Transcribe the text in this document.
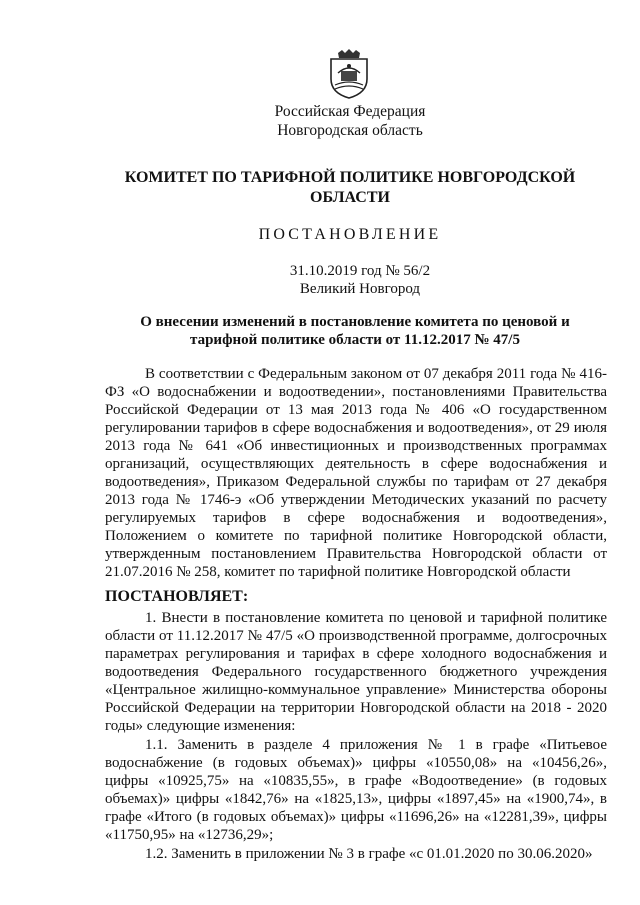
Российская Федерация
Новгородская область
КОМИТЕТ ПО ТАРИФНОЙ ПОЛИТИКЕ НОВГОРОДСКОЙ ОБЛАСТИ
ПОСТАНОВЛЕНИЕ
31.10.2019 год № 56/2
Великий Новгород
О внесении изменений в постановление комитета по ценовой и тарифной политике области от 11.12.2017 № 47/5
В соответствии с Федеральным законом от 07 декабря 2011 года № 416-ФЗ «О водоснабжении и водоотведении», постановлениями Правительства Российской Федерации от 13 мая 2013 года № 406 «О государственном регулировании тарифов в сфере водоснабжения и водоотведения», от 29 июля 2013 года № 641 «Об инвестиционных и производственных программах организаций, осуществляющих деятельность в сфере водоснабжения и водоотведения», Приказом Федеральной службы по тарифам от 27 декабря 2013 года № 1746-э «Об утверждении Методических указаний по расчету регулируемых тарифов в сфере водоснабжения и водоотведения», Положением о комитете по тарифной политике Новгородской области, утвержденным постановлением Правительства Новгородской области от 21.07.2016 № 258, комитет по тарифной политике Новгородской области
ПОСТАНОВЛЯЕТ:
1. Внести в постановление комитета по ценовой и тарифной политике области от 11.12.2017 № 47/5 «О производственной программе, долгосрочных параметрах регулирования и тарифах в сфере холодного водоснабжения и водоотведения Федерального государственного бюджетного учреждения «Центральное жилищно-коммунальное управление» Министерства обороны Российской Федерации на территории Новгородской области на 2018 - 2020 годы» следующие изменения:
1.1. Заменить в разделе 4 приложения № 1 в графе «Питьевое водоснабжение (в годовых объемах)» цифры «10550,08» на «10456,26», цифры «10925,75» на «10835,55», в графе «Водоотведение» (в годовых объемах)» цифры «1842,76» на «1825,13», цифры «1897,45» на «1900,74», в графе «Итого (в годовых объемах)» цифры «11696,26» на «12281,39», цифры «11750,95» на «12736,29»;
1.2. Заменить в приложении № 3 в графе «с 01.01.2020 по 30.06.2020»
